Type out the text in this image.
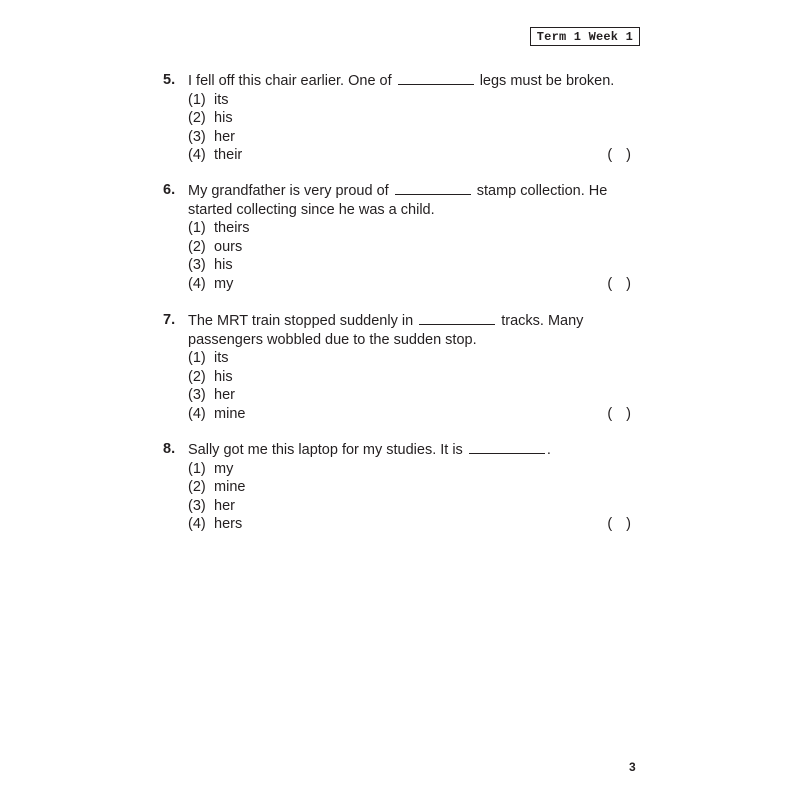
Term 1 Week 1
5. I fell off this chair earlier. One of	legs must be broken.
(1) its
(2) his
(3) her
(4) their	( )
6. My grandfather is very proud of	stamp collection. He
started collecting since he was a child.
(1) theirs
(2) ours
(3) his
(4) my	( )
7. The MRT train stopped suddenly in	tracks. Many
passengers wobbled due to the sudden stop.
(1) its
(2) his
(3) her
(4) mine	( )
8. Sally got me this laptop for my studies. It is	.
(1) my
(2) mine
(3) her
(4) hers	( )
3
